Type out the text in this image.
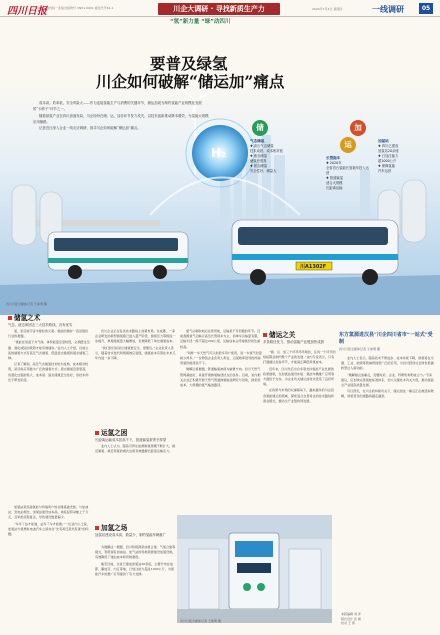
四川日报 国内统一连续出版物号 CN51-0001 邮发代号61-1	川企大调研 · 寻找新质生产力	2024年7月4日 星期四	一线调研	05
“氢”新力量 “绿”动四川
H₂
川A1302F
要普及绿氢
川企如何破解“储运加”痛点

成本高、效率低、安全风险大——作为连接氢能生产与消费的关键环节，储运加成为制约氢能产业规模化发展的“卡脖子”环节之一。

随着绿氢产业在四川加速布局，川企纷纷在储、运、加各环节发力攻关，以技术创新推动降本增效，为氢能大规模应用铺路。

记者近日深入企业一线走访调研，探寻川企如何破解“储运加”痛点。	储	加
运
气态储氢
✚ 高压气态储氢
技术成熟、成本相对低
✚ 液态储氢
储氢密度高
✚ 固态储氢
安全性好、储量大
长管拖车
✚ 2020年
全省首台氢能长管拖车投入运营
✚ 管道输氢
适合大规模
长距离运输
加氢站
✚ 四川已建成
加氢站20余座
✚ 日加注能力
超1000公斤
✚ 保障氢能
汽车运营
四川日报全媒体记者 王前明 摄
储氢之术
气态、液态和固态三大技术路线，各有优劣

氢，是目前宇宙中最轻的元素。氢能的储存一直是困扰行业的难题。

“氢能在常温下为气体，体积能量密度较低，必须经过压缩、液化或固态吸附才能有效储存。”业内人士介绍，目前主流的储氢方式有高压气态储氢、低温液态储氢和固态储氢三种。

记者了解到，高压气态储氢技术较为成熟，成本相对较低，是目前应用最为广泛的储氢方式；液态储氢密度更高，但液化过程能耗大、成本高；固态储氢安全性好，但技术尚处于研发阶段。

四川企业正在各条技术路线上加紧布局。在成都，一家企业研发的新型储氢瓶已进入量产阶段，储氢压力等级进一步提升，单瓶储氢量大幅增加，有效降低了单位储氢成本。

“我们的目标是让储氢更安全、更便宜。”企业负责人表示，随着技术迭代和规模效应显现，储氢成本有望在未来几年内进一步下降。

运氢之困
长距离运输成本居高不下，管道输氢被寄予厚望

氢气从制取地运往使用地，运输是不可回避的环节。目前我国氢气运输以高压长管拖车为主，但单车运输量有限，运输半径一般不超过200公里，运输成本占终端氢价的比重较高。

“同样一车天然气可以供很多用户使用，而一车氢气的量就少得多。”一位物流企业负责人坦言，运氢效率低导致终端用氢价格居高不下。

破解运氢难题，管道输氢被视为重要方向。四川天然气管网基础好，具备开展掺氢输送试点的条件。目前，省内相关企业正积极开展天然气管道掺氢输送研究与试验，探索低成本、大规模的氢气输送路径。

业内人士认为，随着可再生能源制氢规模不断扩大，就近制氢、就近用氢的模式也将有效缓解长距离运输压力。

加氢之场
加氢站建设成本高、数量少，制约氢能车辆推广

加氢站是连接氢能与终端用户的关键基础设施。与加油站、充电站相比，加氢站建设成本高，单座投资动辄上千万元，且审批流程复杂，导致建设数量偏少。

“车多了站才能建，站多了车才能推。”一位业内人士说，加氢站与氢燃料电池汽车之间存在“先有鸡还是先有蛋”的问题。

为破解这一难题，四川积极探索油氢合建、气氢合建等模式，利用现有加油站、加气站的场地资源建设加氢设施，有效降低了建站成本和用地难度。

截至目前，全省已建成加氢站20余座，主要分布在成都、攀枝花、内江等地，日加注能力超过1000公斤，为氢能汽车的推广应用提供了有力支撑。

储运之关
多条路径发力，推动氢能产业链加快成熟

“储、运、加三个环节环环相扣，任何一个环节的短板都会制约整个产业的发展。”业内专家表示，只有打通储运加各环节，才能真正降低用氢成本。

近年来，四川先后出台多项支持氢能产业发展的政策措施，在加氢站建设补贴、氢能车辆推广应用等方面给予支持，为企业攻关储运加技术营造了良好环境。

在政策与市场的双重驱动下，越来越多的川企投身氢能储运加领域，探索适合自身特点的技术路线和商业模式，推动全产业链协同发展。

业内人士表示，随着技术不断进步、成本持续下降，绿氢将在交通、工业、能源等领域得到更广泛的应用，为四川经济社会绿色低碳转型注入新动能。

“破解储运加痛点，需要政府、企业、科研机构形成合力。”专家建议，应加快完善氢能标准体系，加大关键技术攻关力度，推动氢能全产业链高质量发展。

可以预见，在川企的持续攻关下，储运加这一痛点正在被逐步破解，绿氢普及的道路将越走越宽。

东方氢源进汉县”川企四川省市“一站式”受制
四川日报全媒体记者 王前明 摄
四川日报全媒体记者 王前明 摄
本版编辑 刘 洋
版式设计 张 婧
校对 王 燕
